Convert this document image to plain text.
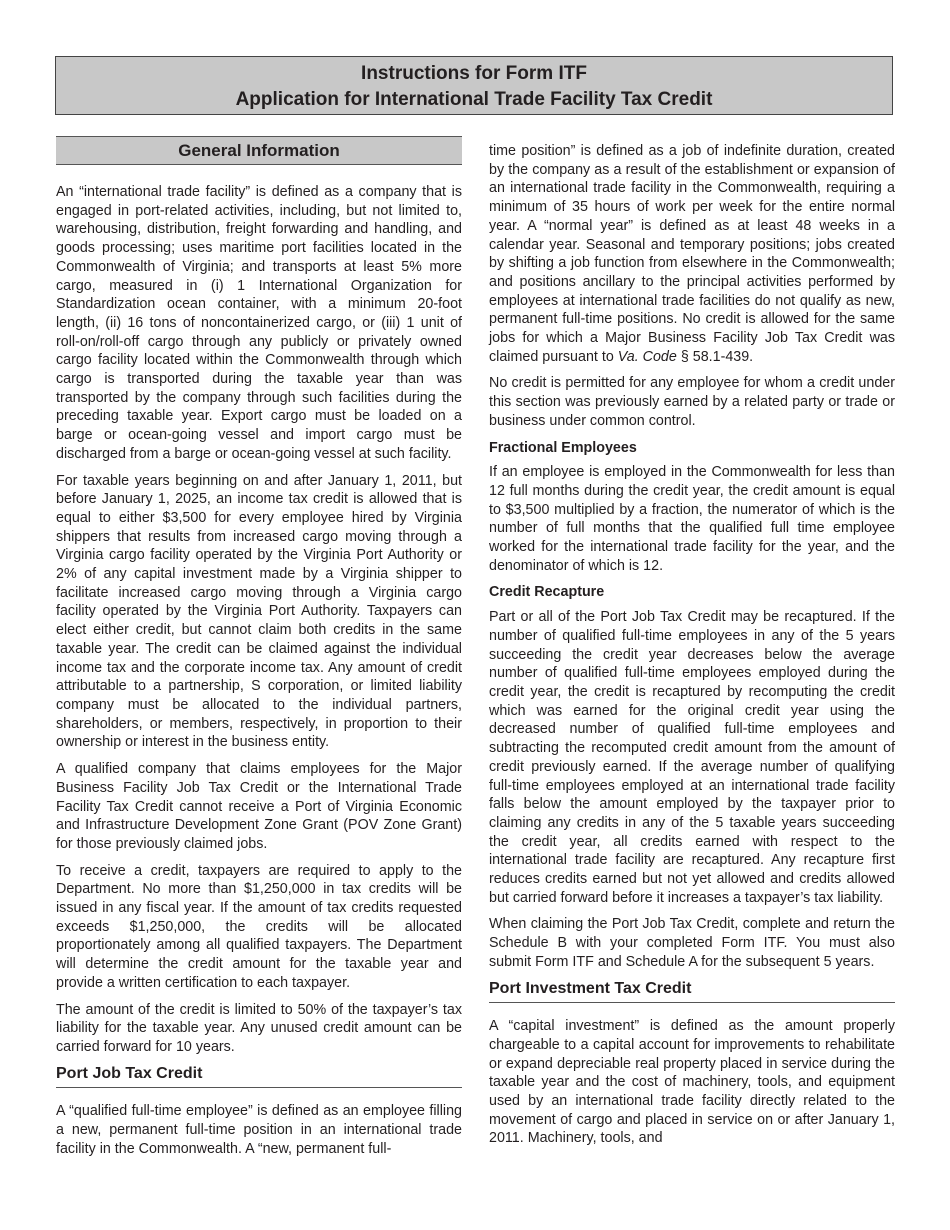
Instructions for Form ITF
Application for International Trade Facility Tax Credit
General Information

An “international trade facility” is defined as a company that is engaged in port-related activities, including, but not limited to, warehousing, distribution, freight forwarding and handling, and goods processing; uses maritime port facilities located in the Commonwealth of Virginia; and transports at least 5% more cargo, measured in (i) 1 International Organization for Standardization ocean container, with a minimum 20-foot length, (ii) 16 tons of noncontainerized cargo, or (iii) 1 unit of roll-on/roll-off cargo through any publicly or privately owned cargo facility located within the Commonwealth through which cargo is transported during the taxable year than was transported by the company through such facilities during the preceding taxable year. Export cargo must be loaded on a barge or ocean-going vessel and import cargo must be discharged from a barge or ocean-going vessel at such facility.

For taxable years beginning on and after January 1, 2011, but before January 1, 2025, an income tax credit is allowed that is equal to either $3,500 for every employee hired by Virginia shippers that results from increased cargo moving through a Virginia cargo facility operated by the Virginia Port Authority or 2% of any capital investment made by a Virginia shipper to facilitate increased cargo moving through a Virginia cargo facility operated by the Virginia Port Authority. Taxpayers can elect either credit, but cannot claim both credits in the same taxable year. The credit can be claimed against the individual income tax and the corporate income tax. Any amount of credit attributable to a partnership, S corporation, or limited liability company must be allocated to the individual partners, shareholders, or members, respectively, in proportion to their ownership or interest in the business entity.

A qualified company that claims employees for the Major Business Facility Job Tax Credit or the International Trade Facility Tax Credit cannot receive a Port of Virginia Economic and Infrastructure Development Zone Grant (POV Zone Grant) for those previously claimed jobs.

To receive a credit, taxpayers are required to apply to the Department. No more than $1,250,000 in tax credits will be issued in any fiscal year. If the amount of tax credits requested exceeds $1,250,000, the credits will be allocated proportionately among all qualified taxpayers. The Department will determine the credit amount for the taxable year and provide a written certification to each taxpayer.

The amount of the credit is limited to 50% of the taxpayer’s tax liability for the taxable year. Any unused credit amount can be carried forward for 10 years.

Port Job Tax Credit

A “qualified full-time employee” is defined as an employee filling a new, permanent full-time position in an international trade facility in the Commonwealth. A “new, permanent full-

time position” is defined as a job of indefinite duration, created by the company as a result of the establishment or expansion of an international trade facility in the Commonwealth, requiring a minimum of 35 hours of work per week for the entire normal year. A “normal year” is defined as at least 48 weeks in a calendar year. Seasonal and temporary positions; jobs created by shifting a job function from elsewhere in the Commonwealth; and positions ancillary to the principal activities performed by employees at international trade facilities do not qualify as new, permanent full-time positions. No credit is allowed for the same jobs for which a Major Business Facility Job Tax Credit was claimed pursuant to Va. Code § 58.1-439.

No credit is permitted for any employee for whom a credit under this section was previously earned by a related party or trade or business under common control.

Fractional Employees

If an employee is employed in the Commonwealth for less than 12 full months during the credit year, the credit amount is equal to $3,500 multiplied by a fraction, the numerator of which is the number of full months that the qualified full time employee worked for the international trade facility for the year, and the denominator of which is 12.

Credit Recapture

Part or all of the Port Job Tax Credit may be recaptured. If the number of qualified full-time employees in any of the 5 years succeeding the credit year decreases below the average number of qualified full-time employees employed during the credit year, the credit is recaptured by recomputing the credit which was earned for the original credit year using the decreased number of qualified full-time employees and subtracting the recomputed credit amount from the amount of credit previously earned. If the average number of qualifying full-time employees employed at an international trade facility falls below the amount employed by the taxpayer prior to claiming any credits in any of the 5 taxable years succeeding the credit year, all credits earned with respect to the international trade facility are recaptured. Any recapture first reduces credits earned but not yet allowed and credits allowed but carried forward before it increases a taxpayer’s tax liability.

When claiming the Port Job Tax Credit, complete and return the Schedule B with your completed Form ITF. You must also submit Form ITF and Schedule A for the subsequent 5 years.

Port Investment Tax Credit

A “capital investment” is defined as the amount properly chargeable to a capital account for improvements to rehabilitate or expand depreciable real property placed in service during the taxable year and the cost of machinery, tools, and equipment used by an international trade facility directly related to the movement of cargo and placed in service on or after January 1, 2011. Machinery, tools, and
